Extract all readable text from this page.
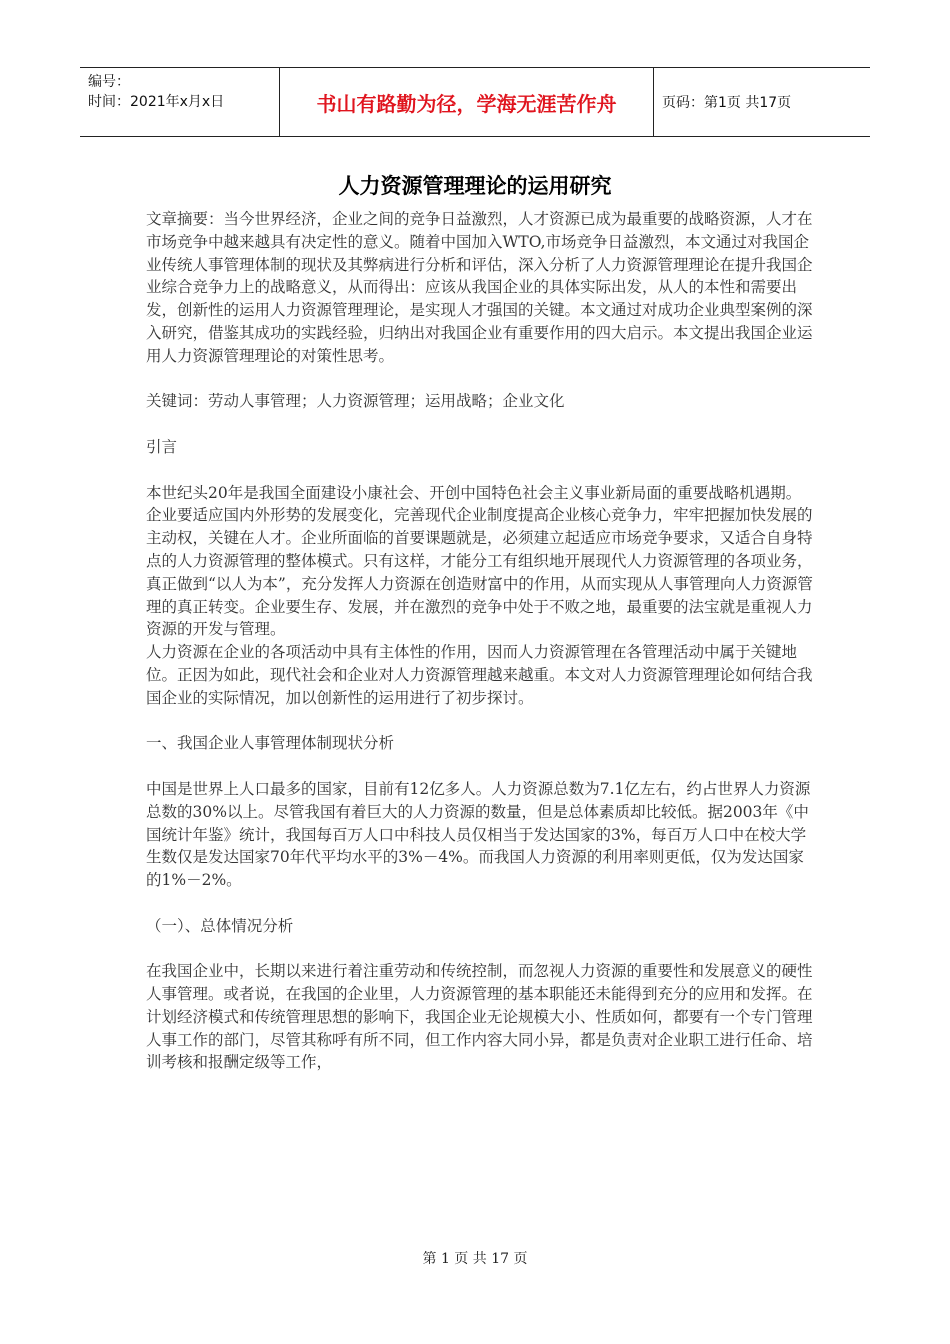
编号：
时间：2021年x月x日	书山有路勤为径，学海无涯苦作舟	页码：第1页 共17页
人力资源管理理论的运用研究

文章摘要：当今世界经济，企业之间的竞争日益激烈，人才资源已成为最重要的战略资源，人才在市场竞争中越来越具有决定性的意义。随着中国加入WTO,市场竞争日益激烈，本文通过对我国企业传统人事管理体制的现状及其弊病进行分析和评估，深入分析了人力资源管理理论在提升我国企业综合竞争力上的战略意义，从而得出：应该从我国企业的具体实际出发，从人的本性和需要出发，创新性的运用人力资源管理理论，是实现人才强国的关键。本文通过对成功企业典型案例的深入研究，借鉴其成功的实践经验，归纳出对我国企业有重要作用的四大启示。本文提出我国企业运用人力资源管理理论的对策性思考。

关键词：劳动人事管理；人力资源管理；运用战略；企业文化

引言

本世纪头20年是我国全面建设小康社会、开创中国特色社会主义事业新局面的重要战略机遇期。企业要适应国内外形势的发展变化，完善现代企业制度提高企业核心竞争力，牢牢把握加快发展的主动权，关键在人才。企业所面临的首要课题就是，必须建立起适应市场竞争要求，又适合自身特点的人力资源管理的整体模式。只有这样，才能分工有组织地开展现代人力资源管理的各项业务，真正做到“以人为本”，充分发挥人力资源在创造财富中的作用，从而实现从人事管理向人力资源管理的真正转变。企业要生存、发展，并在激烈的竞争中处于不败之地，最重要的法宝就是重视人力资源的开发与管理。

人力资源在企业的各项活动中具有主体性的作用，因而人力资源管理在各管理活动中属于关键地位。正因为如此，现代社会和企业对人力资源管理越来越重。本文对人力资源管理理论如何结合我国企业的实际情况，加以创新性的运用进行了初步探讨。

一、我国企业人事管理体制现状分析

中国是世界上人口最多的国家，目前有12亿多人。人力资源总数为7.1亿左右，约占世界人力资源总数的30%以上。尽管我国有着巨大的人力资源的数量，但是总体素质却比较低。据2003年《中国统计年鉴》统计，我国每百万人口中科技人员仅相当于发达国家的3%，每百万人口中在校大学生数仅是发达国家70年代平均水平的3%－4%。而我国人力资源的利用率则更低，仅为发达国家的1%－2%。

（一）、总体情况分析

在我国企业中，长期以来进行着注重劳动和传统控制，而忽视人力资源的重要性和发展意义的硬性人事管理。或者说，在我国的企业里，人力资源管理的基本职能还未能得到充分的应用和发挥。在计划经济模式和传统管理思想的影响下，我国企业无论规模大小、性质如何，都要有一个专门管理人事工作的部门，尽管其称呼有所不同，但工作内容大同小异，都是负责对企业职工进行任命、培训考核和报酬定级等工作，

第 1 页 共 17 页
